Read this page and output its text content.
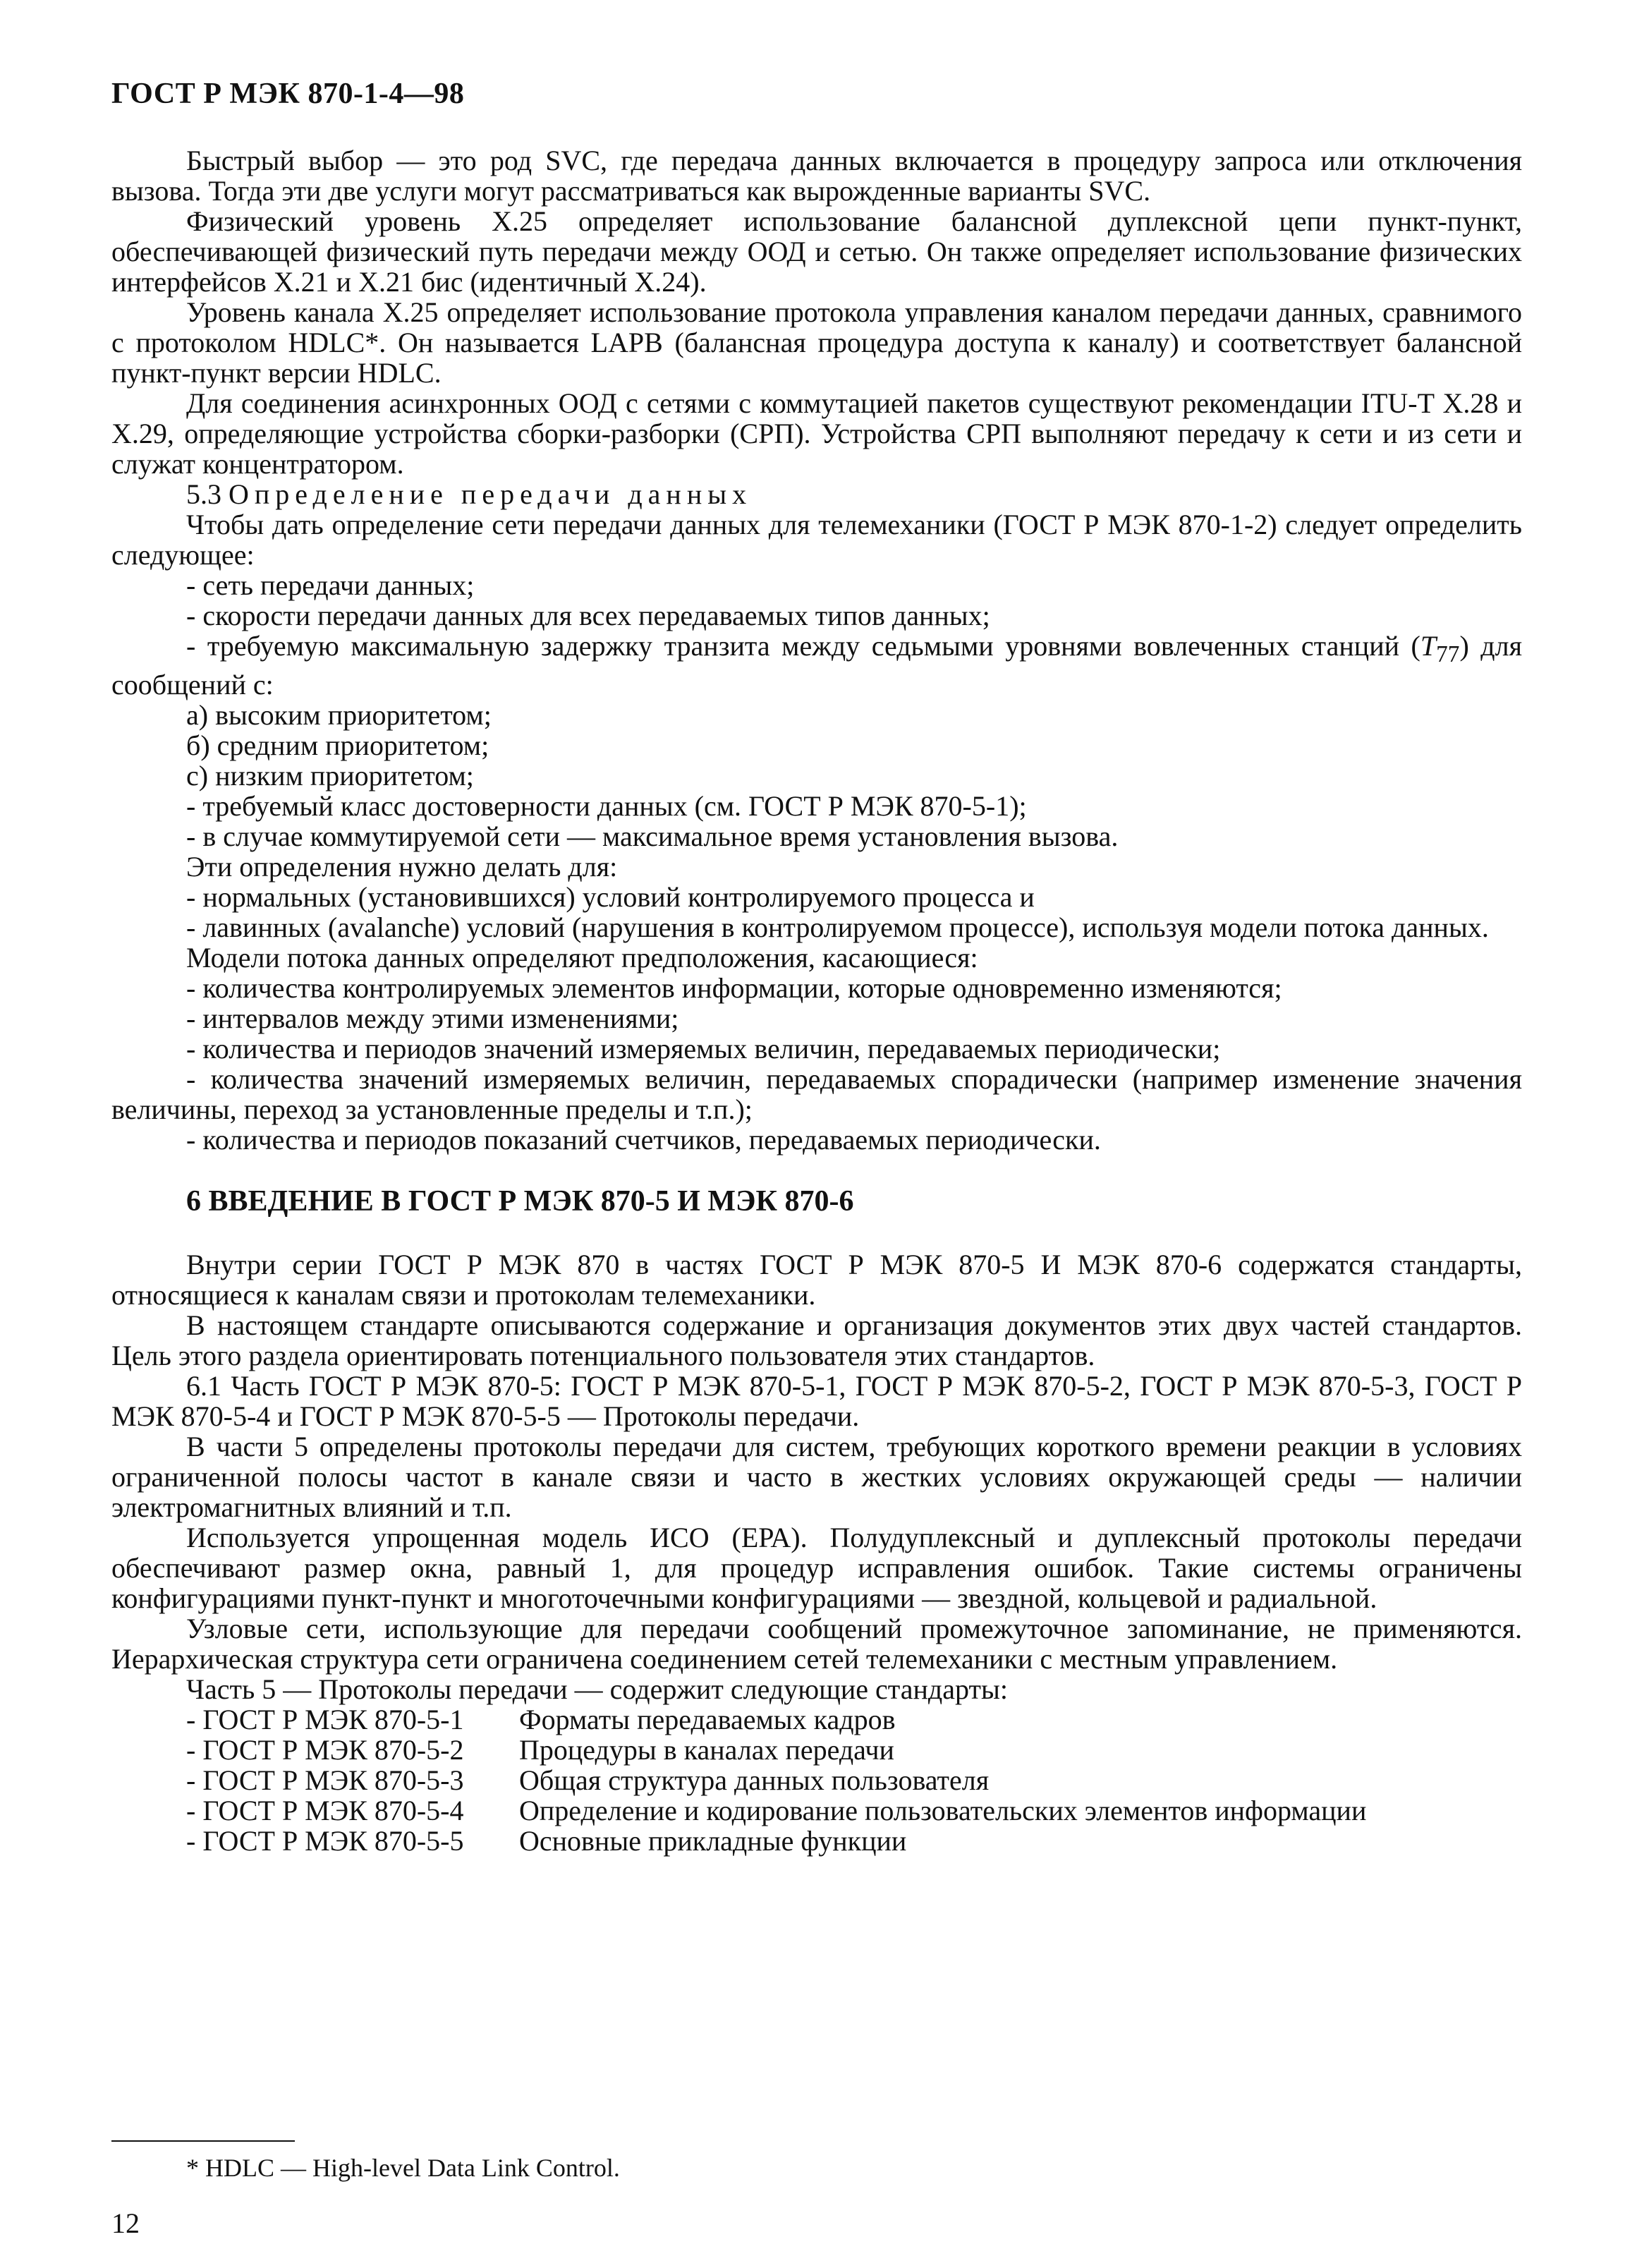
ГОСТ Р МЭК 870-1-4—98

Быстрый выбор — это род SVC, где передача данных включается в процедуру запроса или отключения вызова. Тогда эти две услуги могут рассматриваться как вырожденные варианты SVC.

Физический уровень X.25 определяет использование балансной дуплексной цепи пункт-пункт, обеспечивающей физический путь передачи между ООД и сетью. Он также определяет использование физических интерфейсов X.21 и X.21 бис (идентичный X.24).

Уровень канала X.25 определяет использование протокола управления каналом передачи данных, сравнимого с протоколом HDLC*. Он называется LAPB (балансная процедура доступа к каналу) и соответствует балансной пункт-пункт версии HDLC.

Для соединения асинхронных ООД с сетями с коммутацией пакетов существуют рекомендации ITU-T X.28 и X.29, определяющие устройства сборки-разборки (СРП). Устройства СРП выполняют передачу к сети и из сети и служат концентратором.

5.3 Определение передачи данных

Чтобы дать определение сети передачи данных для телемеханики (ГОСТ Р МЭК 870-1-2) следует определить следующее:

- сеть передачи данных;

- скорости передачи данных для всех передаваемых типов данных;

- требуемую максимальную задержку транзита между седьмыми уровнями вовлеченных станций $(T_{77})$ для сообщений с:

а) высоким приоритетом;

б) средним приоритетом;

с) низким приоритетом;

- требуемый класс достоверности данных (см. ГОСТ Р МЭК 870-5-1);

- в случае коммутируемой сети — максимальное время установления вызова.

Эти определения нужно делать для:

- нормальных (установившихся) условий контролируемого процесса и

- лавинных (avalanche) условий (нарушения в контролируемом процессе), используя модели потока данных.

Модели потока данных определяют предположения, касающиеся:

- количества контролируемых элементов информации, которые одновременно изменяются;

- интервалов между этими изменениями;

- количества и периодов значений измеряемых величин, передаваемых периодически;

- количества значений измеряемых величин, передаваемых спорадически (например изменение значения величины, переход за установленные пределы и т.п.);

- количества и периодов показаний счетчиков, передаваемых периодически.

6 ВВЕДЕНИЕ В ГОСТ Р МЭК 870-5 И МЭК 870-6

Внутри серии ГОСТ Р МЭК 870 в частях ГОСТ Р МЭК 870-5 И МЭК 870-6 содержатся стандарты, относящиеся к каналам связи и протоколам телемеханики.

В настоящем стандарте описываются содержание и организация документов этих двух частей стандартов. Цель этого раздела ориентировать потенциального пользователя этих стандартов.

6.1 Часть ГОСТ Р МЭК 870-5: ГОСТ Р МЭК 870-5-1, ГОСТ Р МЭК 870-5-2, ГОСТ Р МЭК 870-5-3, ГОСТ Р МЭК 870-5-4 и ГОСТ Р МЭК 870-5-5 — Протоколы передачи.

В части 5 определены протоколы передачи для систем, требующих короткого времени реакции в условиях ограниченной полосы частот в канале связи и часто в жестких условиях окружающей среды — наличии электромагнитных влияний и т.п.

Используется упрощенная модель ИСО (ЕРА). Полудуплексный и дуплексный протоколы передачи обеспечивают размер окна, равный 1, для процедур исправления ошибок. Такие системы ограничены конфигурациями пункт-пункт и многоточечными конфигурациями — звездной, кольцевой и радиальной.

Узловые сети, использующие для передачи сообщений промежуточное запоминание, не применяются. Иерархическая структура сети ограничена соединением сетей телемеханики с местным управлением.

Часть 5 — Протоколы передачи — содержит следующие стандарты:

- ГОСТ Р МЭК 870-5-1 Форматы передаваемых кадров

- ГОСТ Р МЭК 870-5-2 Процедуры в каналах передачи

- ГОСТ Р МЭК 870-5-3 Общая структура данных пользователя

- ГОСТ Р МЭК 870-5-4 Определение и кодирование пользовательских элементов информации

- ГОСТ Р МЭК 870-5-5 Основные прикладные функции

* HDLC — High-level Data Link Control.
12
